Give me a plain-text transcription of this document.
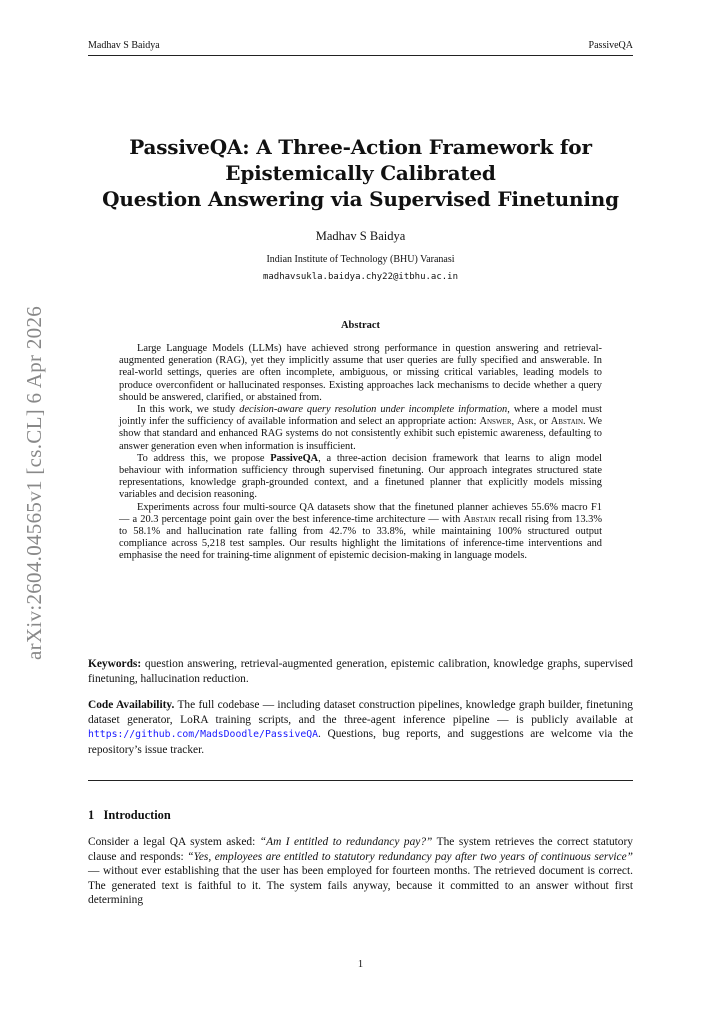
Madhav S Baidya	PassiveQA
arXiv:2604.04565v1 [cs.CL] 6 Apr 2026
PassiveQA: A Three-Action Framework for
Epistemically Calibrated
Question Answering via Supervised Finetuning
Madhav S Baidya
Indian Institute of Technology (BHU) Varanasi
madhavsukla.baidya.chy22@itbhu.ac.in
Abstract

Large Language Models (LLMs) have achieved strong performance in question answering and retrieval-augmented generation (RAG), yet they implicitly assume that user queries are fully specified and answerable. In real-world settings, queries are often incomplete, ambiguous, or missing critical variables, leading models to produce overconfident or hallucinated responses. Existing approaches lack mechanisms to decide whether a query should be answered, clarified, or abstained from.

In this work, we study decision-aware query resolution under incomplete information, where a model must jointly infer the sufficiency of available information and select an appropriate action: Answer, Ask, or Abstain. We show that standard and enhanced RAG systems do not consistently exhibit such epistemic awareness, defaulting to answer generation even when information is insufficient.

To address this, we propose PassiveQA, a three-action decision framework that learns to align model behaviour with information sufficiency through supervised finetuning. Our approach integrates structured state representations, knowledge graph-grounded context, and a finetuned planner that explicitly models missing variables and decision reasoning.

Experiments across four multi-source QA datasets show that the finetuned planner achieves 55.6% macro F1 — a 20.3 percentage point gain over the best inference-time architecture — with Abstain recall rising from 13.3% to 58.1% and hallucination rate falling from 42.7% to 33.8%, while maintaining 100% structured output compliance across 5,218 test samples. Our results highlight the limitations of inference-time interventions and emphasise the need for training-time alignment of epistemic decision-making in language models.

Keywords: question answering, retrieval-augmented generation, epistemic calibration, knowledge graphs, supervised finetuning, hallucination reduction.

Code Availability. The full codebase — including dataset construction pipelines, knowledge graph builder, finetuning dataset generator, LoRA training scripts, and the three-agent inference pipeline — is publicly available at https://github.com/MadsDoodle/PassiveQA. Questions, bug reports, and suggestions are welcome via the repository’s issue tracker.

1 Introduction

Consider a legal QA system asked: “Am I entitled to redundancy pay?” The system retrieves the correct statutory clause and responds: “Yes, employees are entitled to statutory redundancy pay after two years of continuous service” — without ever establishing that the user has been employed for fourteen months. The retrieved document is correct. The generated text is faithful to it. The system fails anyway, because it committed to an answer without first determining

1
